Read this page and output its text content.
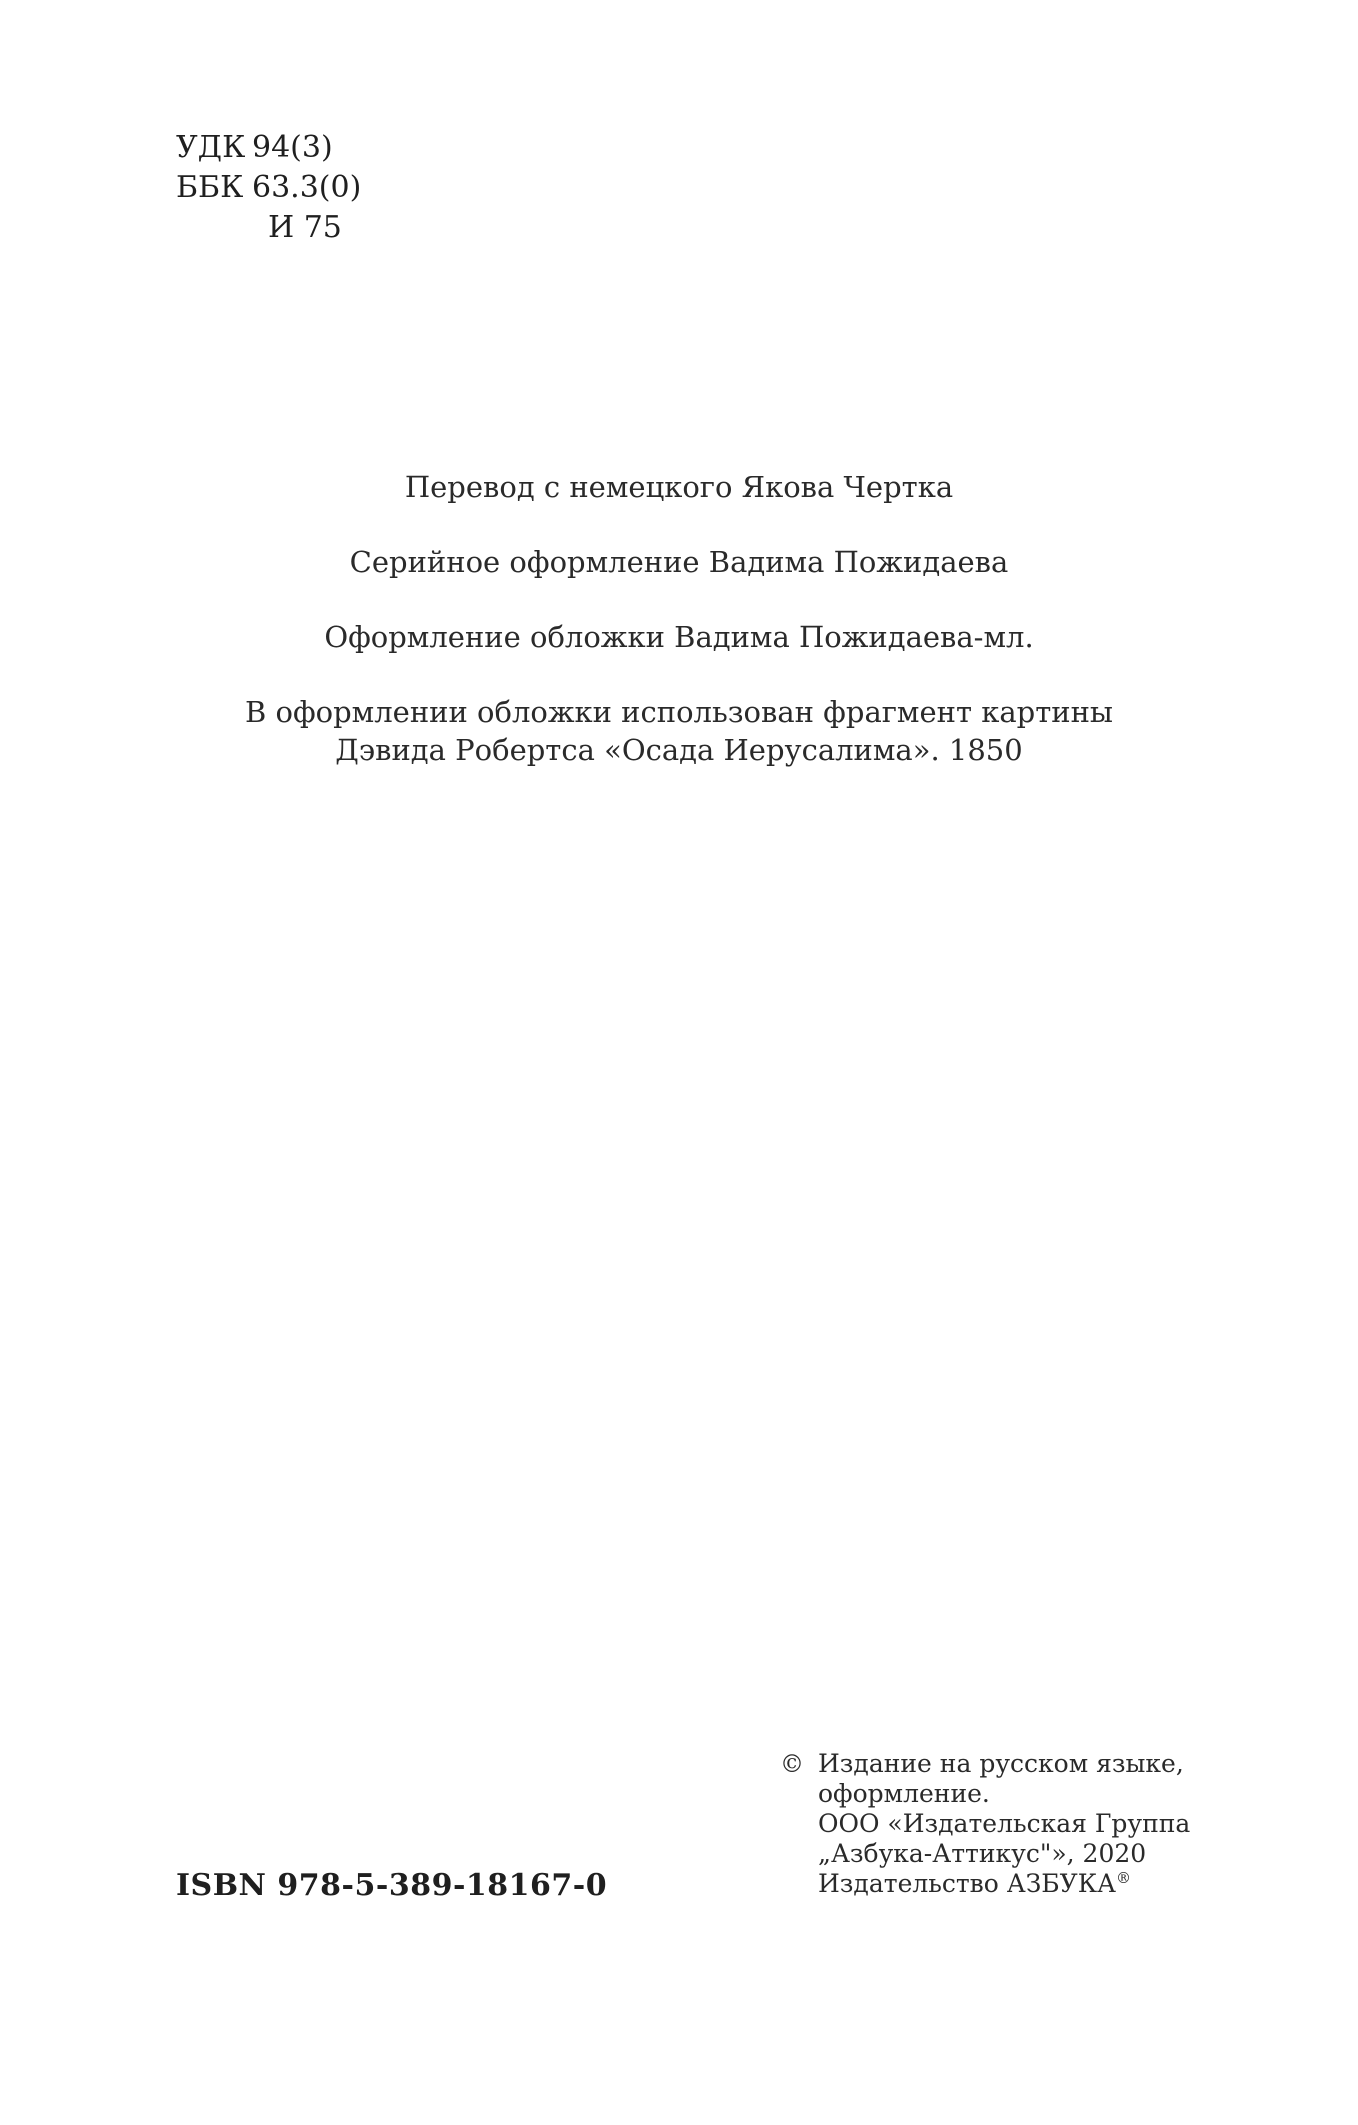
УДК 94(3)
ББК 63.3(0)
И 75
Перевод с немецкого Якова Чертка
Серийное оформление Вадима Пожидаева
Оформление обложки Вадима Пожидаева-мл.
В оформлении обложки использован фрагмент картины
Дэвида Робертса «Осада Иерусалима». 1850
ISBN 978-5-389-18167-0
© Издание на русском языке,
оформление.
ООО «Издательская Группа
„Азбука-Аттикус"», 2020
Издательство АЗБУКА®
